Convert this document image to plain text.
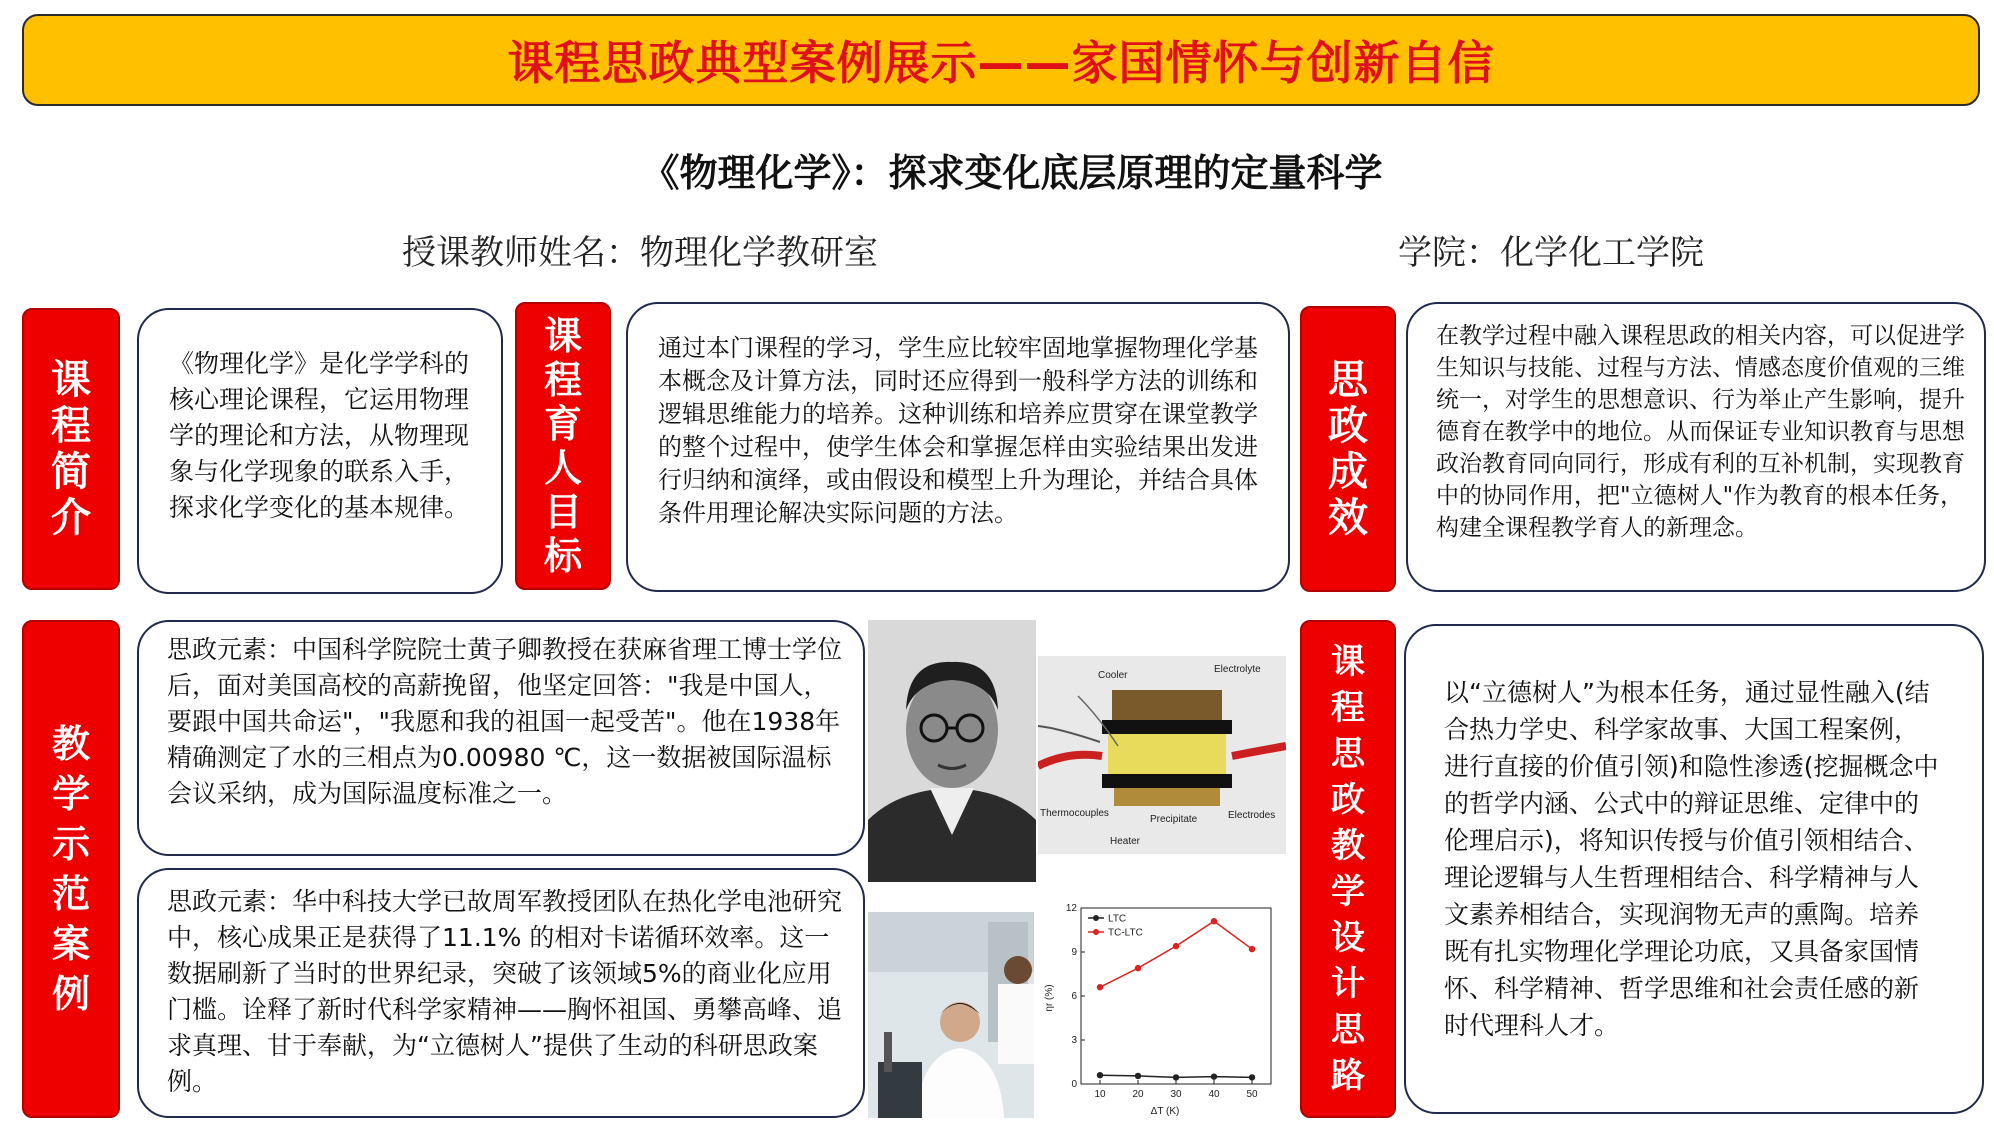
课程思政典型案例展示——家国情怀与创新自信
《物理化学》：探求变化底层原理的定量科学
授课教师姓名：物理化学教研室	学院：化学化工学院
课
程
简
介

《物理化学》是化学学科的核心理论课程，它运用物理学的理论和方法，从物理现象与化学现象的联系入手，探求化学变化的基本规律。

课
程
育
人
目
标

通过本门课程的学习，学生应比较牢固地掌握物理化学基本概念及计算方法，同时还应得到一般科学方法的训练和逻辑思维能力的培养。这种训练和培养应贯穿在课堂教学的整个过程中，使学生体会和掌握怎样由实验结果出发进行归纳和演绎，或由假设和模型上升为理论，并结合具体条件用理论解决实际问题的方法。

思
政
成
效

在教学过程中融入课程思政的相关内容，可以促进学生知识与技能、过程与方法、情感态度价值观的三维统一，对学生的思想意识、行为举止产生影响，提升德育在教学中的地位。从而保证专业知识教育与思想政治教育同向同行，形成有利的互补机制，实现教育中的协同作用，把"立德树人"作为教育的根本任务，构建全课程教学育人的新理念。

教
学
示
范
案
例

思政元素：中国科学院院士黄子卿教授在获麻省理工博士学位后，面对美国高校的高薪挽留，他坚定回答："我是中国人，要跟中国共命运"，"我愿和我的祖国一起受苦"。他在1938年精确测定了水的三相点为0.00980 ℃，这一数据被国际温标会议采纳，成为国际温度标准之一。

思政元素：华中科技大学已故周军教授团队在热化学电池研究中，核心成果正是获得了11.1% 的相对卡诺循环效率。这一数据刷新了当时的世界纪录，突破了该领域5%的商业化应用门槛。诠释了新时代科学家精神——胸怀祖国、勇攀高峰、追求真理、甘于奉献，为“立德树人”提供了生动的科研思政案例。

Cooler
Electrolyte
Thermocouples
Precipitate	Electrodes
Heater
0
3
6
9
12
10	20	30	40	50
LTC
TC-LTC
ΔT (K)
ηr (%)
课
程
思
政
教
学
设
计
思
路

以“立德树人”为根本任务，通过显性融入(结合热力学史、科学家故事、大国工程案例，进行直接的价值引领)和隐性渗透(挖掘概念中的哲学内涵、公式中的辩证思维、定律中的伦理启示)，将知识传授与价值引领相结合、理论逻辑与人生哲理相结合、科学精神与人文素养相结合，实现润物无声的熏陶。培养既有扎实物理化学理论功底，又具备家国情怀、科学精神、哲学思维和社会责任感的新时代理科人才。
